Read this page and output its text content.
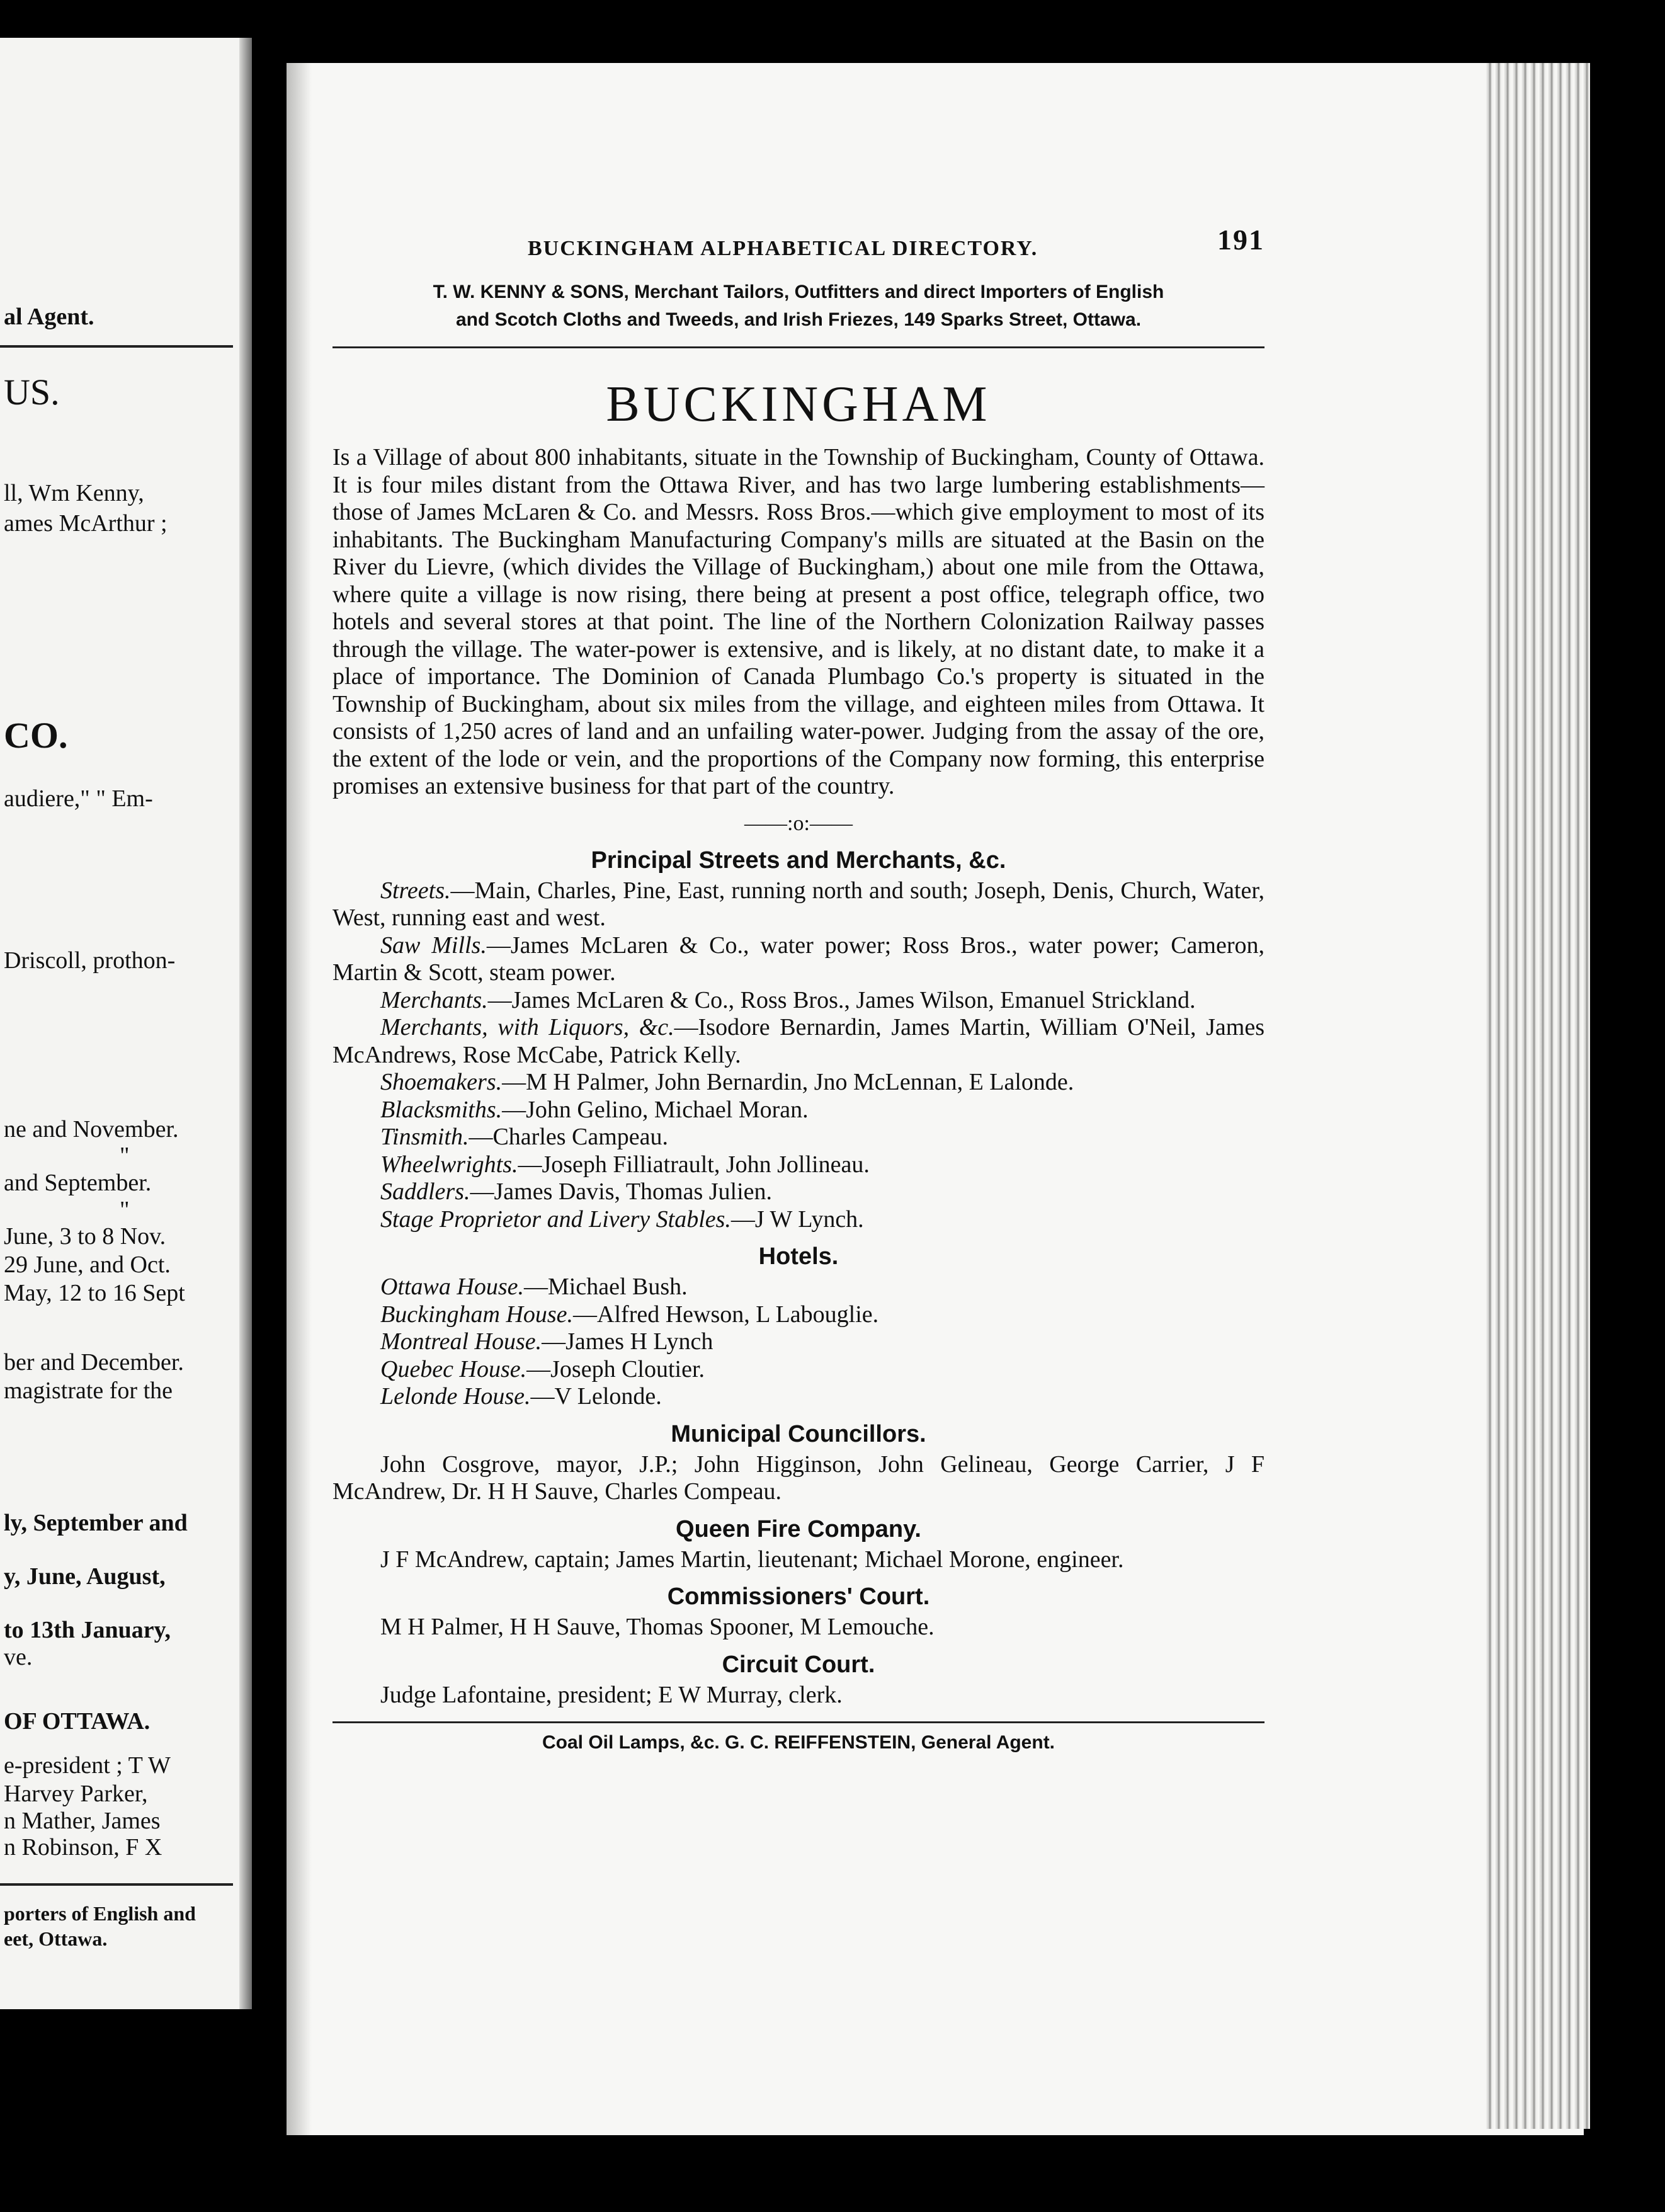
al Agent.
US.
ll, Wm Kenny,
ames McArthur ;
CO.
audiere," " Em-
Driscoll, prothon-
ne and November.
"
and September.
"
June, 3 to 8 Nov.
29 June, and Oct.
May, 12 to 16 Sept
ber and December.
magistrate for the
ly, September and
y, June, August,
to 13th January,
ve.
OF OTTAWA.
e-president ; T W
Harvey Parker,
n Mather, James
n Robinson, F X
porters of English and
eet, Ottawa.
BUCKINGHAM ALPHABETICAL DIRECTORY.	191
T. W. KENNY & SONS, Merchant Tailors, Outfitters and direct Importers of English
and Scotch Cloths and Tweeds, and Irish Friezes, 149 Sparks Street, Ottawa.
BUCKINGHAM

Is a Village of about 800 inhabitants, situate in the Township of Buckingham, County of Ottawa. It is four miles distant from the Ottawa River, and has two large lumbering establishments—those of James McLaren & Co. and Messrs. Ross Bros.—which give employment to most of its inhabitants. The Buckingham Manufacturing Company's mills are situated at the Basin on the River du Lievre, (which divides the Village of Buckingham,) about one mile from the Ottawa, where quite a village is now rising, there being at present a post office, telegraph office, two hotels and several stores at that point. The line of the Northern Colonization Railway passes through the village. The water-power is extensive, and is likely, at no distant date, to make it a place of importance. The Dominion of Canada Plumbago Co.'s property is situated in the Township of Buckingham, about six miles from the village, and eighteen miles from Ottawa. It consists of 1,250 acres of land and an unfailing water-power. Judging from the assay of the ore, the extent of the lode or vein, and the proportions of the Company now forming, this enterprise promises an extensive business for that part of the country.

——:o:——
Principal Streets and Merchants, &c.

Streets.—Main, Charles, Pine, East, running north and south; Joseph, Denis, Church, Water, West, running east and west.

Saw Mills.—James McLaren & Co., water power; Ross Bros., water power; Cameron, Martin & Scott, steam power.

Merchants.—James McLaren & Co., Ross Bros., James Wilson, Emanuel Strickland.

Merchants, with Liquors, &c.—Isodore Bernardin, James Martin, William O'Neil, James McAndrews, Rose McCabe, Patrick Kelly.

Shoemakers.—M H Palmer, John Bernardin, Jno McLennan, E Lalonde.

Blacksmiths.—John Gelino, Michael Moran.

Tinsmith.—Charles Campeau.

Wheelwrights.—Joseph Filliatrault, John Jollineau.

Saddlers.—James Davis, Thomas Julien.

Stage Proprietor and Livery Stables.—J W Lynch.

Hotels.

Ottawa House.—Michael Bush.

Buckingham House.—Alfred Hewson, L Labouglie.

Montreal House.—James H Lynch

Quebec House.—Joseph Cloutier.

Lelonde House.—V Lelonde.

Municipal Councillors.

John Cosgrove, mayor, J.P.; John Higginson, John Gelineau, George Carrier, J F McAndrew, Dr. H H Sauve, Charles Compeau.

Queen Fire Company.

J F McAndrew, captain; James Martin, lieutenant; Michael Morone, engineer.

Commissioners' Court.

M H Palmer, H H Sauve, Thomas Spooner, M Lemouche.

Circuit Court.

Judge Lafontaine, president; E W Murray, clerk.

Coal Oil Lamps, &c. G. C. REIFFENSTEIN, General Agent.
